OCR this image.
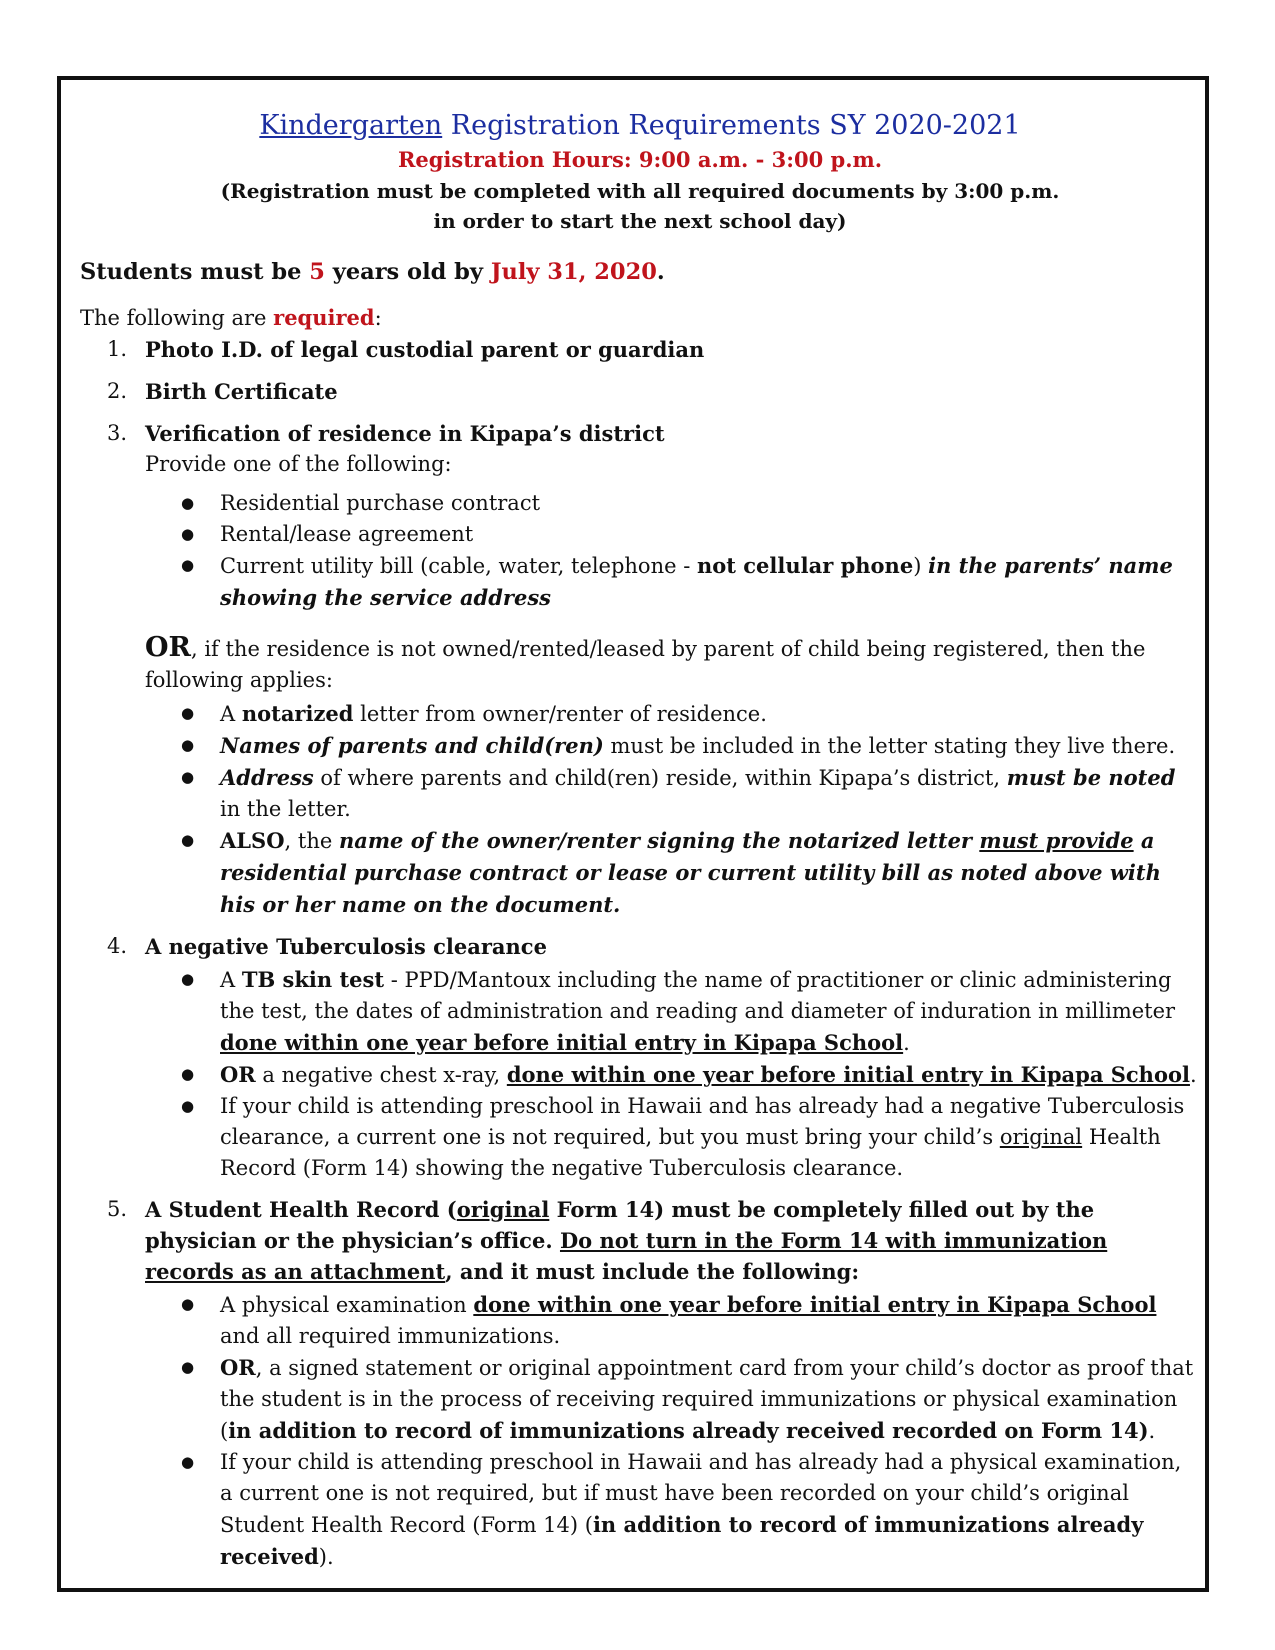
Kindergarten Registration Requirements SY 2020-2021

Registration Hours: 9:00 a.m. - 3:00 p.m.

(Registration must be completed with all required documents by 3:00 p.m.

in order to start the next school day)

Students must be 5 years old by July 31, 2020.
The following are required:
1. Photo I.D. of legal custodial parent or guardian
2. Birth Certificate
3. Verification of residence in Kipapa’s district
Provide one of the following:
● Residential purchase contract
● Rental/lease agreement
● Current utility bill (cable, water, telephone - not cellular phone) in the parents’ name showing the service address
OR, if the residence is not owned/rented/leased by parent of child being registered, then the following applies:
● A notarized letter from owner/renter of residence.
● Names of parents and child(ren) must be included in the letter stating they live there.
● Address of where parents and child(ren) reside, within Kipapa’s district, must be noted in the letter.
● ALSO, the name of the owner/renter signing the notarized letter must provide a residential purchase contract or lease or current utility bill as noted above with his or her name on the document.
4. A negative Tuberculosis clearance
● A TB skin test - PPD/Mantoux including the name of practitioner or clinic administering the test, the dates of administration and reading and diameter of induration in millimeter done within one year before initial entry in Kipapa School.
● OR a negative chest x-ray, done within one year before initial entry in Kipapa School.
● If your child is attending preschool in Hawaii and has already had a negative Tuberculosis clearance, a current one is not required, but you must bring your child’s original Health Record (Form 14) showing the negative Tuberculosis clearance.
5. A Student Health Record (original Form 14) must be completely filled out by the physician or the physician’s office. Do not turn in the Form 14 with immunization records as an attachment, and it must include the following:
● A physical examination done within one year before initial entry in Kipapa School and all required immunizations.
● OR, a signed statement or original appointment card from your child’s doctor as proof that the student is in the process of receiving required immunizations or physical examination (in addition to record of immunizations already received recorded on Form 14).
● If your child is attending preschool in Hawaii and has already had a physical examination, a current one is not required, but if must have been recorded on your child’s original Student Health Record (Form 14) (in addition to record of immunizations already received).
